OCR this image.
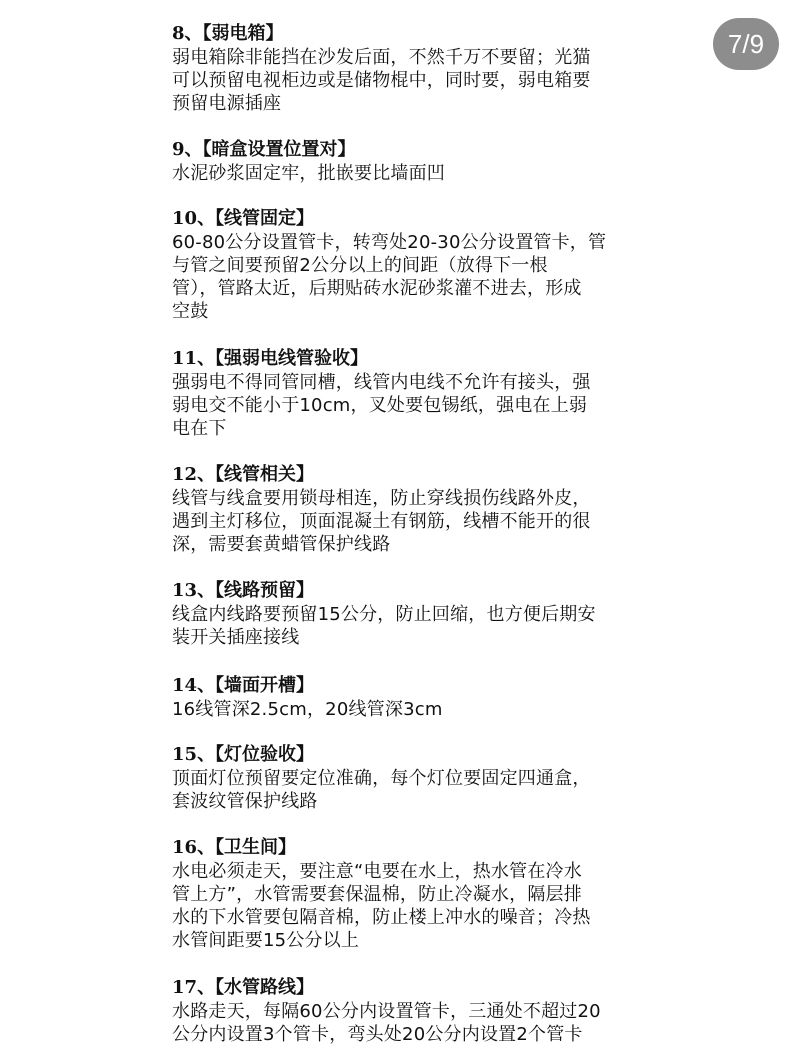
8、【弱电箱】
弱电箱除非能挡在沙发后面，不然千万不要留；光猫
可以预留电视柜边或是储物棍中，同时要，弱电箱要
预留电源插座
9、【暗盒设置位置对】
水泥砂浆固定牢，批嵌要比墙面凹
10、【线管固定】
60-80公分设置管卡，转弯处20-30公分设置管卡，管
与管之间要预留2公分以上的间距（放得下一根
管），管路太近，后期贴砖水泥砂浆灌不进去，形成
空鼓
11、【强弱电线管验收】
强弱电不得同管同槽，线管内电线不允许有接头，强
弱电交不能小于10cm，叉处要包锡纸，强电在上弱
电在下
12、【线管相关】
线管与线盒要用锁母相连，防止穿线损伤线路外皮，
遇到主灯移位，顶面混凝土有钢筋，线槽不能开的很
深，需要套黄蜡管保护线路
13、【线路预留】
线盒内线路要预留15公分，防止回缩，也方便后期安
装开关插座接线
14、【墙面开槽】
16线管深2.5cm，20线管深3cm
15、【灯位验收】
顶面灯位预留要定位准确，每个灯位要固定四通盒，
套波纹管保护线路
16、【卫生间】
水电必须走天，要注意“电要在水上，热水管在冷水
管上方”，水管需要套保温棉，防止冷凝水，隔层排
水的下水管要包隔音棉，防止楼上冲水的噪音；冷热
水管间距要15公分以上
17、【水管路线】
水路走天，每隔60公分内设置管卡，三通处不超过20
公分内设置3个管卡，弯头处20公分内设置2个管卡
7/9
